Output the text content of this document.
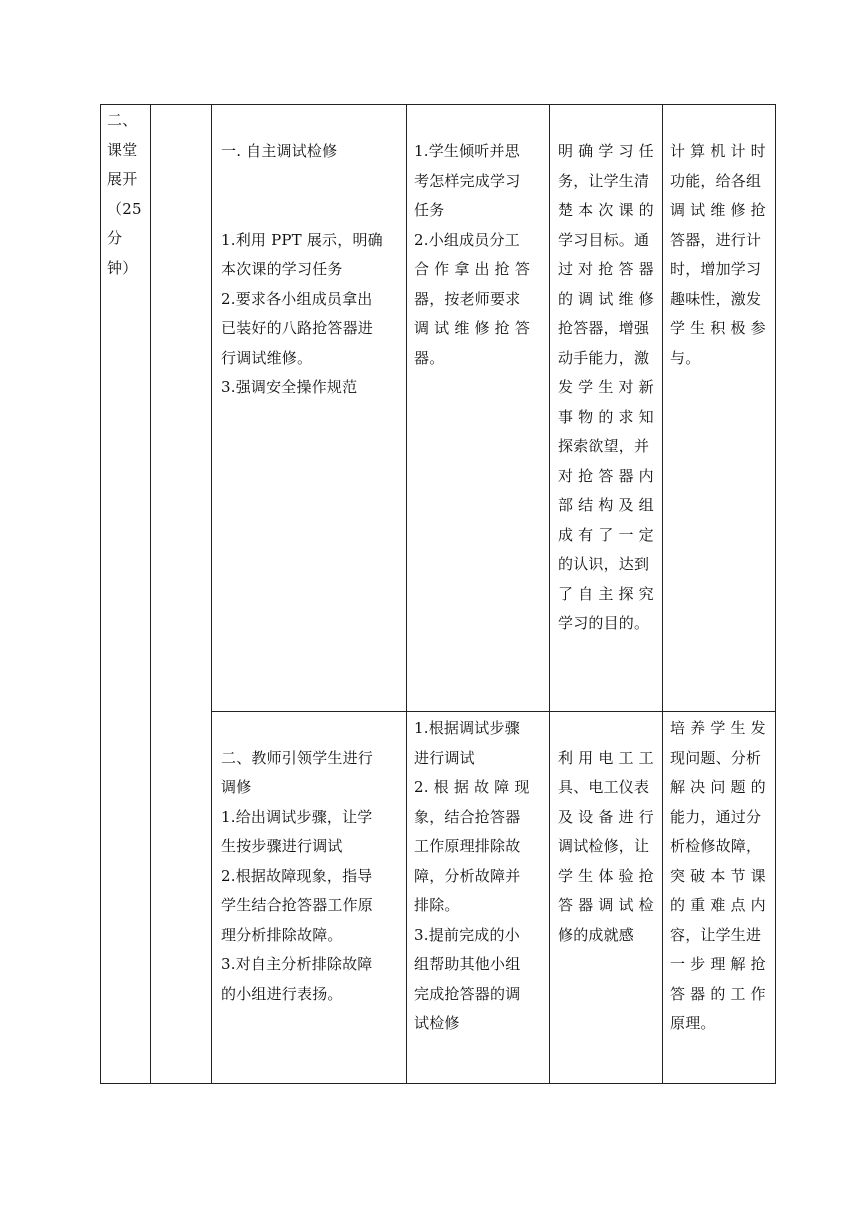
二、
课堂
展开
（25
分
钟）
一. 自主调试检修

1.利用 PPT 展示，明确
本次课的学习任务
2.要求各小组成员拿出
已装好的八路抢答器进
行调试维修。
3.强调安全操作规范
1.学生倾听并思
考怎样完成学习
任务
2.小组成员分工
合 作 拿 出 抢 答
器，按老师要求
调 试 维 修 抢 答
器。
明 确 学 习 任
务，让学生清
楚 本 次 课 的
学习目标。通
过 对 抢 答 器
的 调 试 维 修
抢答器，增强
动手能力，激
发 学 生 对 新
事 物 的 求 知
探索欲望，并
对 抢 答 器 内
部 结 构 及 组
成 有 了 一 定
的认识，达到
了 自 主 探 究
学习的目的。
计 算 机 计 时
功能，给各组
调 试 维 修 抢
答器，进行计
时，增加学习
趣味性，激发
学 生 积 极 参
与。

二、教师引领学生进行
调修
1.给出调试步骤，让学
生按步骤进行调试
2.根据故障现象，指导
学生结合抢答器工作原
理分析排除故障。
3.对自主分析排除故障
的小组进行表扬。
1.根据调试步骤
进行调试
2. 根 据 故 障 现
象，结合抢答器
工作原理排除故
障，分析故障并
排除。
3.提前完成的小
组帮助其他小组
完成抢答器的调
试检修

利 用 电 工 工
具、电工仪表
及 设 备 进 行
调试检修，让
学 生 体 验 抢
答 器 调 试 检
修的成就感
培 养 学 生 发
现问题、分析
解 决 问 题 的
能力，通过分
析检修故障，
突 破 本 节 课
的 重 难 点 内
容，让学生进
一 步 理 解 抢
答 器 的 工 作
原理。
